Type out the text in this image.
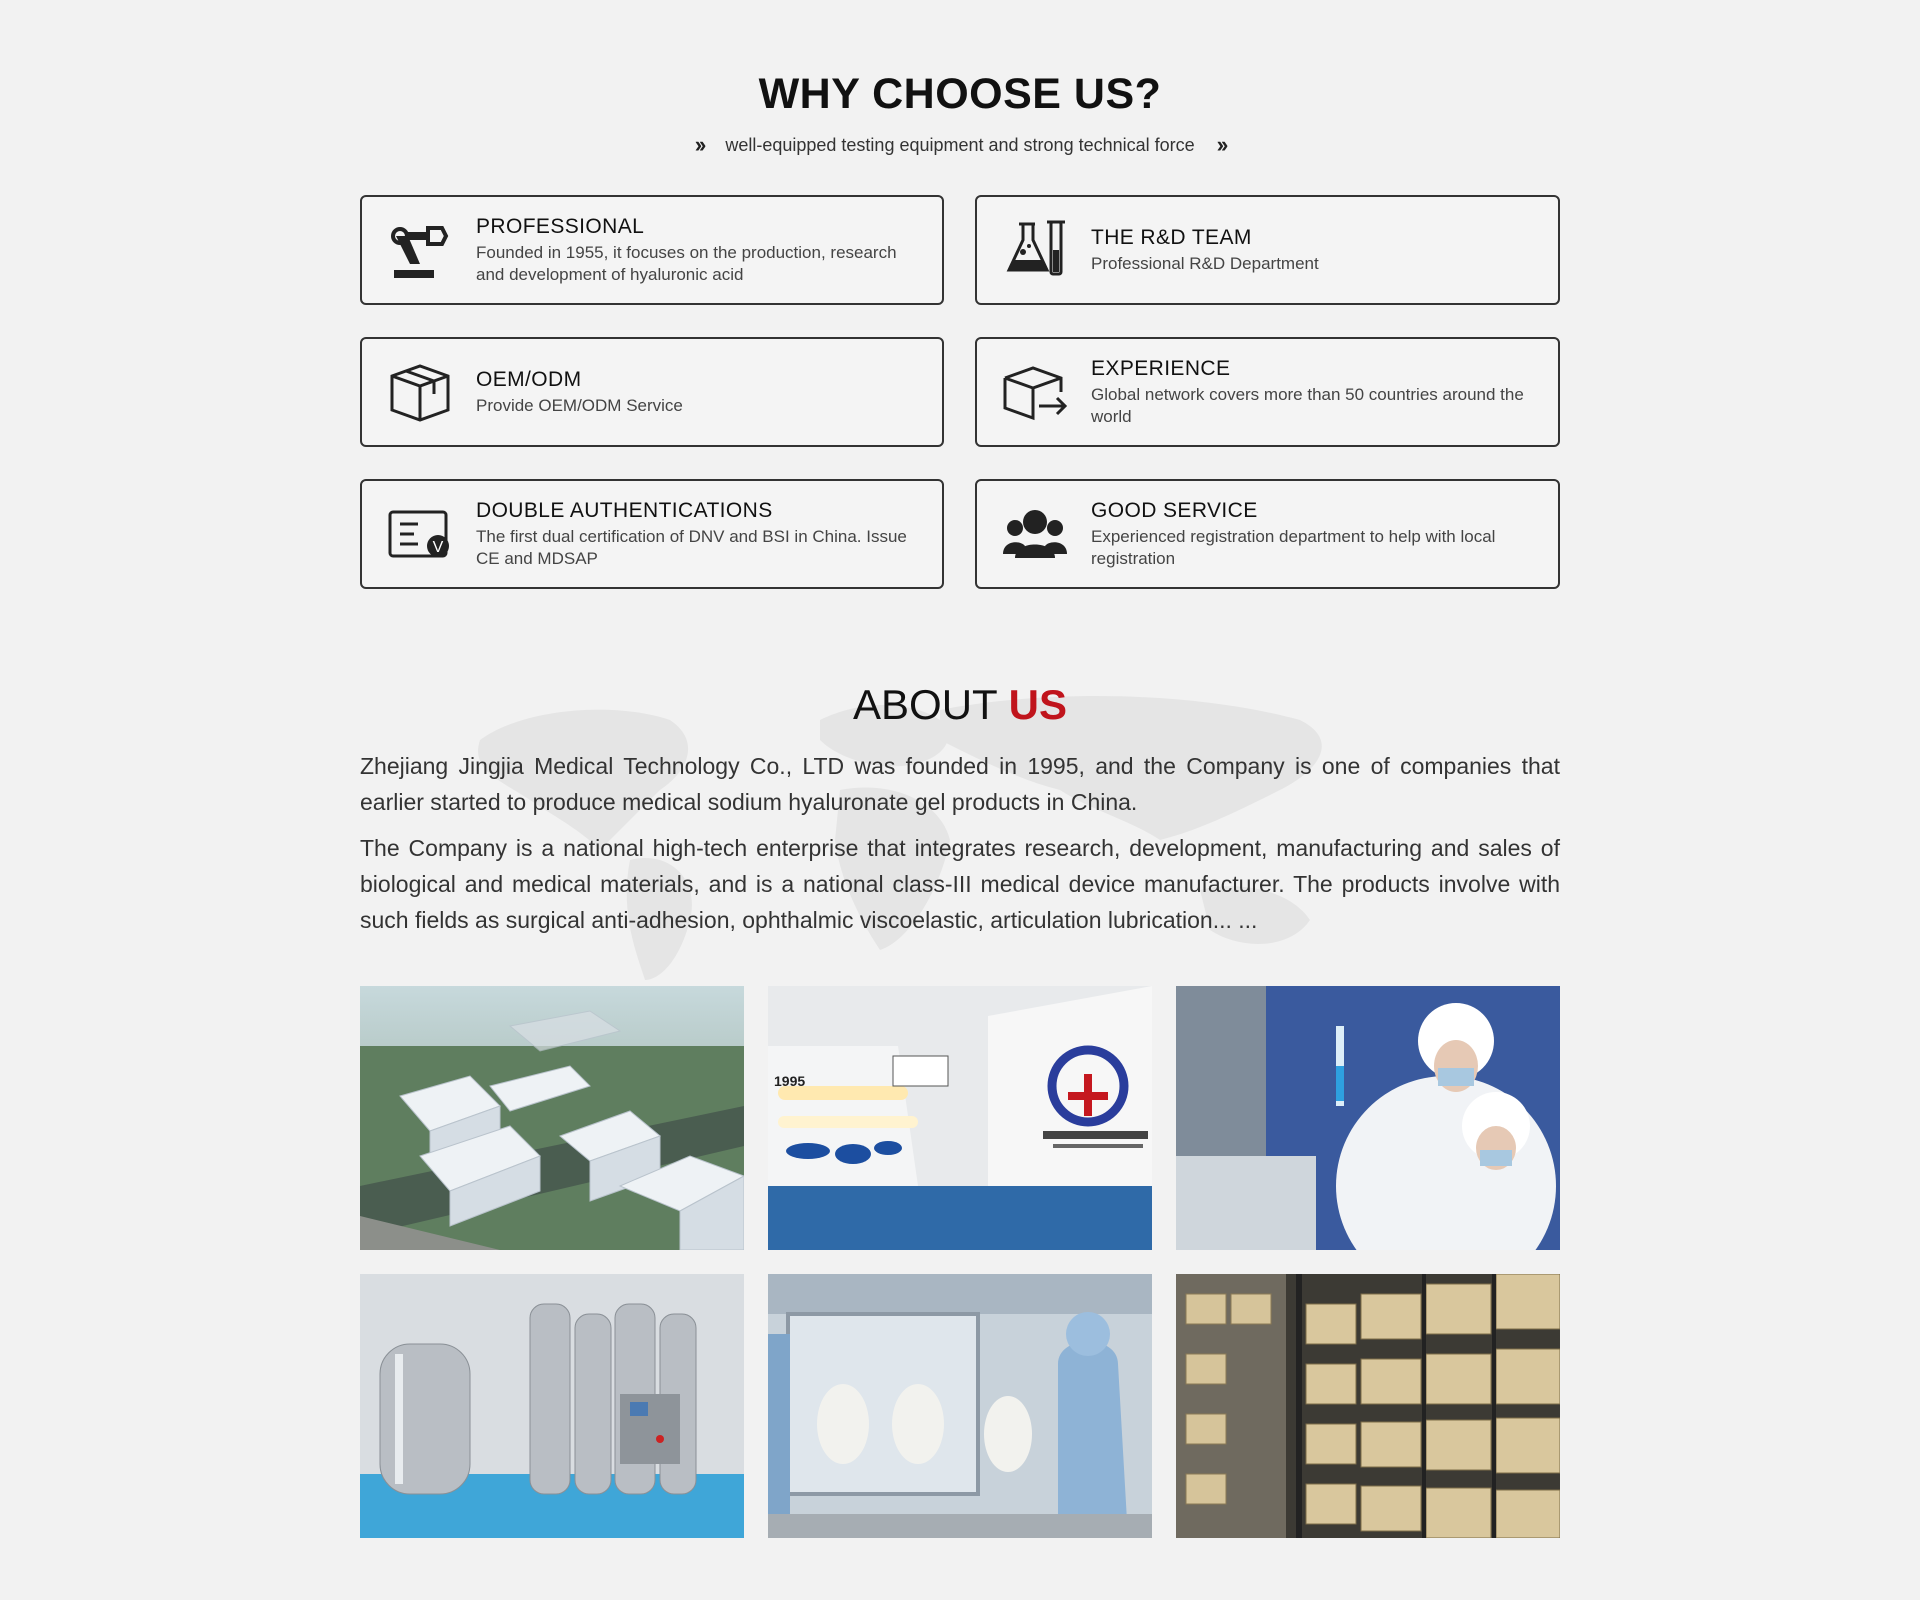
WHY CHOOSE US?
›› well-equipped testing equipment and strong technical force ››
PROFESSIONAL
Founded in 1955, it focuses on the production, research and development of hyaluronic acid
THE R&D TEAM
Professional R&D Department
OEM/ODM
Provide OEM/ODM Service
EXPERIENCE
Global network covers more than 50 countries around the world
V
DOUBLE AUTHENTICATIONS
The first dual certification of DNV and BSI in China. Issue CE and MDSAP
GOOD SERVICE
Experienced registration department to help with local registration
ABOUT US

Zhejiang Jingjia Medical Technology Co., LTD was founded in 1995, and the Company is one of companies that earlier started to produce medical sodium hyaluronate gel products in China.

The Company is a national high-tech enterprise that integrates research, development, manufacturing and sales of biological and medical materials, and is a national class-III medical device manufacturer. The products involve with such fields as surgical anti-adhesion, ophthalmic viscoelastic, articulation lubrication... ...

1995
